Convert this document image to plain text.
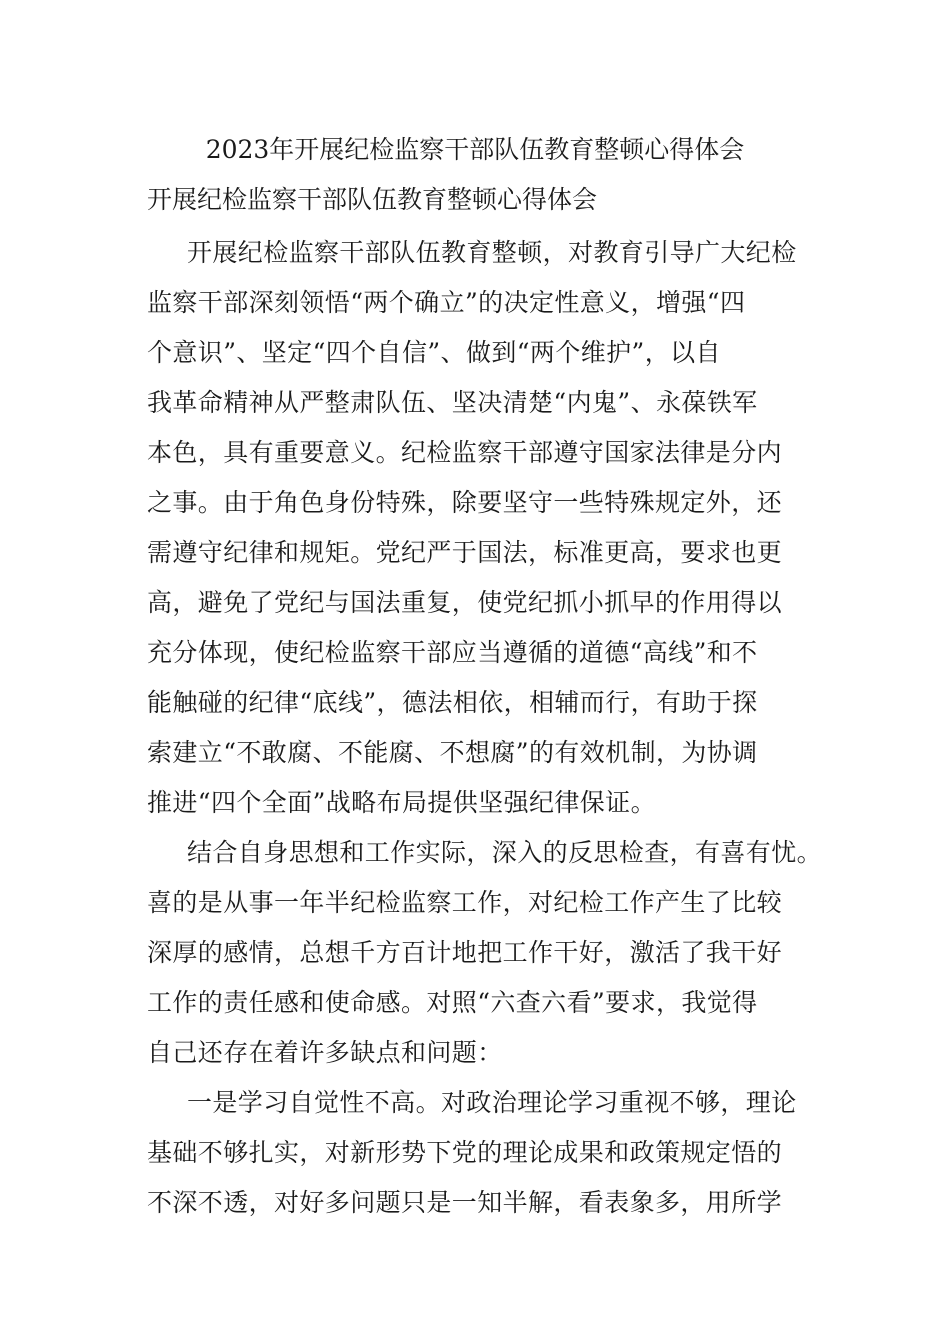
2023年开展纪检监察干部队伍教育整顿心得体会
开展纪检监察干部队伍教育整顿心得体会
开展纪检监察干部队伍教育整顿，对教育引导广大纪检
监察干部深刻领悟“两个确立”的决定性意义，增强“四
个意识”、坚定“四个自信”、做到“两个维护”，以自
我革命精神从严整肃队伍、坚决清楚“内鬼”、永葆铁军
本色，具有重要意义。纪检监察干部遵守国家法律是分内
之事。由于角色身份特殊，除要坚守一些特殊规定外，还
需遵守纪律和规矩。党纪严于国法，标准更高，要求也更
高，避免了党纪与国法重复，使党纪抓小抓早的作用得以
充分体现，使纪检监察干部应当遵循的道德“高线”和不
能触碰的纪律“底线”，德法相依，相辅而行，有助于探
索建立“不敢腐、不能腐、不想腐”的有效机制，为协调
推进“四个全面”战略布局提供坚强纪律保证。
结合自身思想和工作实际，深入的反思检查，有喜有忧。
喜的是从事一年半纪检监察工作，对纪检工作产生了比较
深厚的感情，总想千方百计地把工作干好，激活了我干好
工作的责任感和使命感。对照“六查六看”要求，我觉得
自己还存在着许多缺点和问题：
一是学习自觉性不高。对政治理论学习重视不够，理论
基础不够扎实，对新形势下党的理论成果和政策规定悟的
不深不透，对好多问题只是一知半解，看表象多，用所学
